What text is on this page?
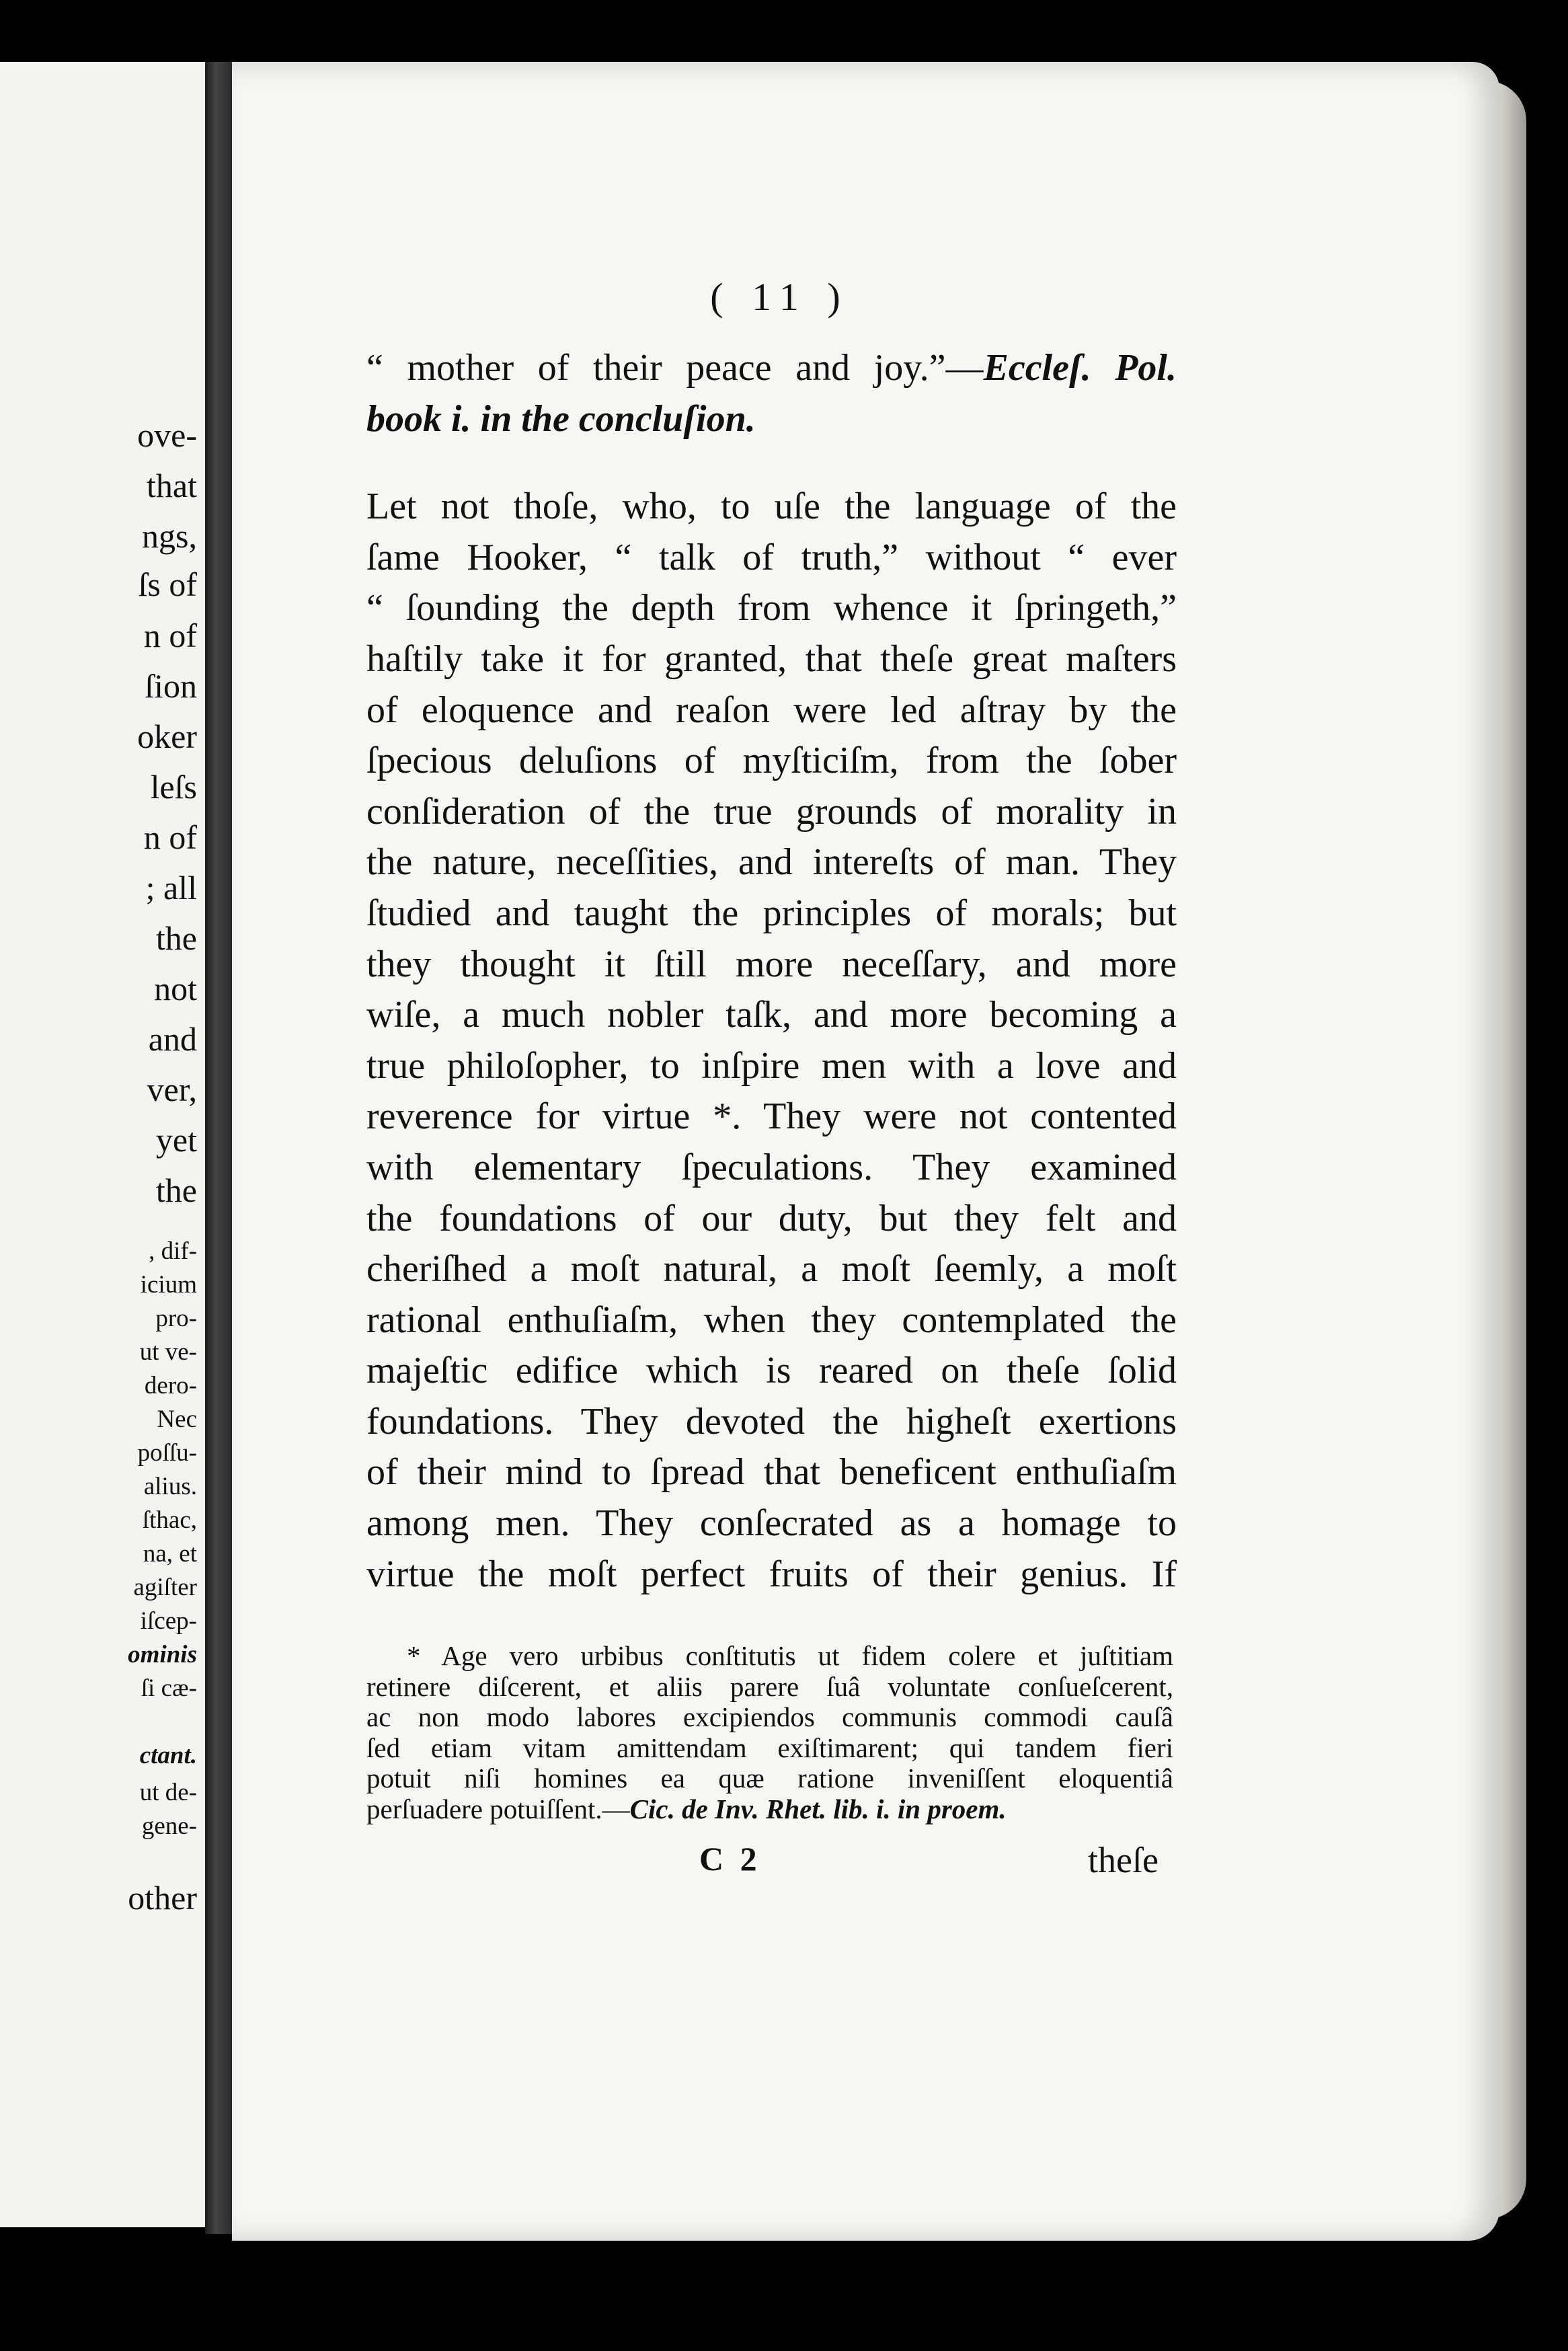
ove-
that
ngs,
ſs of
n of
ſion
oker
leſs
n of
; all
the
not
and
ver,
yet
the
, dif-
icium
pro-
ut ve-
dero-
Nec
poſſu-
alius.
ſthac,
na, et
agiſter
iſcep-
ominis
ſi cæ-
ctant.
ut de-
gene-
other
( 11 )
“ mother of their peace and joy.”—Eccleſ. Pol.
book i. in the concluſion.
Let not thoſe, who, to uſe the language of the
ſame Hooker, “ talk of truth,” without “ ever
“ ſounding the depth from whence it ſpringeth,”
haſtily take it for granted, that theſe great maſters
of eloquence and reaſon were led aſtray by the
ſpecious deluſions of myſticiſm, from the ſober
conſideration of the true grounds of morality in
the nature, neceſſities, and intereſts of man. They
ſtudied and taught the principles of morals; but
they thought it ſtill more neceſſary, and more
wiſe, a much nobler taſk, and more becoming a
true philoſopher, to inſpire men with a love and
reverence for virtue *. They were not contented
with elementary ſpeculations. They examined
the foundations of our duty, but they felt and
cheriſhed a moſt natural, a moſt ſeemly, a moſt
rational enthuſiaſm, when they contemplated the
majeſtic edifice which is reared on theſe ſolid
foundations. They devoted the higheſt exertions
of their mind to ſpread that beneficent enthuſiaſm
among men. They conſecrated as a homage to
virtue the moſt perfect fruits of their genius. If
* Age vero urbibus conſtitutis ut fidem colere et juſtitiam
retinere diſcerent, et aliis parere ſuâ voluntate conſueſcerent,
ac non modo labores excipiendos communis commodi cauſâ
ſed etiam vitam amittendam exiſtimarent; qui tandem fieri
potuit niſi homines ea quæ ratione inveniſſent eloquentiâ
perſuadere potuiſſent.—Cic. de Inv. Rhet. lib. i. in proem.
C 2	theſe
